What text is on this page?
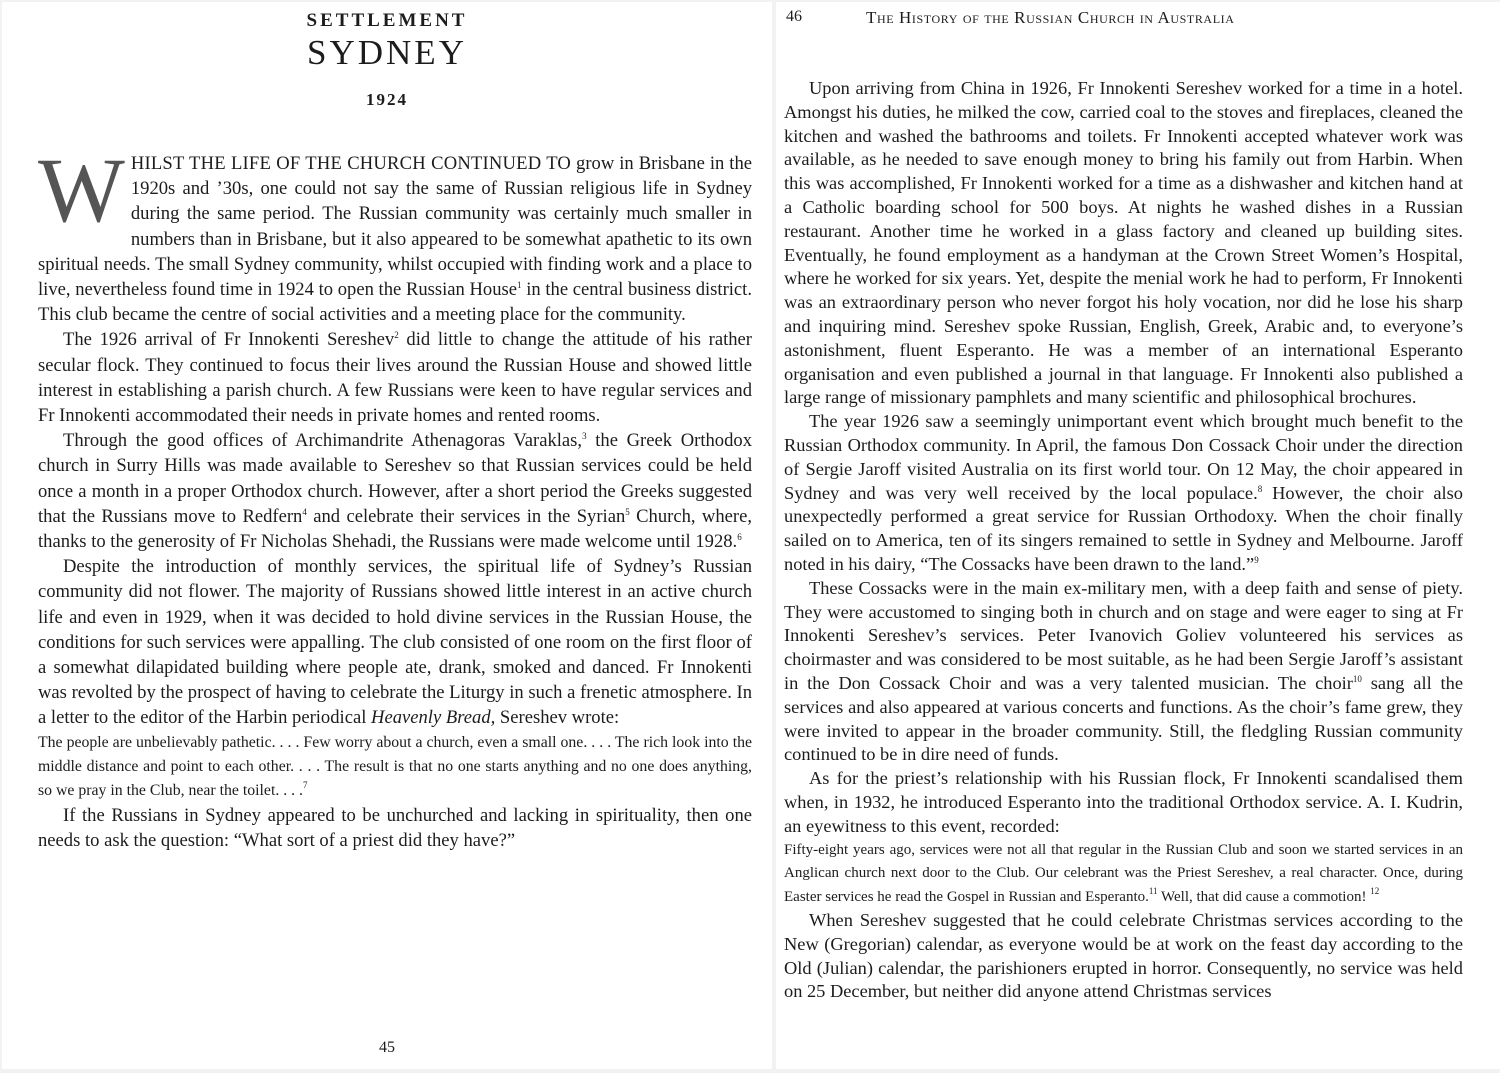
SETTLEMENT
SYDNEY
1924

WHILST THE LIFE OF THE CHURCH CONTINUED TO grow in Brisbane in the 1920s and ’30s, one could not say the same of Russian religious life in Sydney during the same period. The Russian community was certainly much smaller in numbers than in Brisbane, but it also appeared to be somewhat apathetic to its own spiritual needs. The small Sydney community, whilst occupied with finding work and a place to live, nevertheless found time in 1924 to open the Russian House$^1$ in the central business district. This club became the centre of social activities and a meeting place for the community.

The 1926 arrival of Fr Innokenti Sereshev$^2$ did little to change the attitude of his rather secular flock. They continued to focus their lives around the Russian House and showed little interest in establishing a parish church. A few Russians were keen to have regular services and Fr Innokenti accommodated their needs in private homes and rented rooms.

Through the good offices of Archimandrite Athenagoras Varaklas,$^3$ the Greek Orthodox church in Surry Hills was made available to Sereshev so that Russian services could be held once a month in a proper Orthodox church. However, after a short period the Greeks suggested that the Russians move to Redfern$^4$ and celebrate their services in the Syrian$^5$ Church, where, thanks to the generosity of Fr Nicholas Shehadi, the Russians were made welcome until 1928.$^6$

Despite the introduction of monthly services, the spiritual life of Sydney’s Russian community did not flower. The majority of Russians showed little interest in an active church life and even in 1929, when it was decided to hold divine services in the Russian House, the conditions for such services were appalling. The club consisted of one room on the first floor of a somewhat dilapidated building where people ate, drank, smoked and danced. Fr Innokenti was revolted by the prospect of having to celebrate the Liturgy in such a frenetic atmosphere. In a letter to the editor of the Harbin periodical Heavenly Bread, Sereshev wrote:

The people are unbelievably pathetic. . . . Few worry about a church, even a small one. . . . The rich look into the middle distance and point to each other. . . . The result is that no one starts anything and no one does anything, so we pray in the Club, near the toilet. . . .$^7$

If the Russians in Sydney appeared to be unchurched and lacking in spirituality, then one needs to ask the question: “What sort of a priest did they have?”

45
46	The History of the Russian Church in Australia

Upon arriving from China in 1926, Fr Innokenti Sereshev worked for a time in a hotel. Amongst his duties, he milked the cow, carried coal to the stoves and fireplaces, cleaned the kitchen and washed the bathrooms and toilets. Fr Innokenti accepted whatever work was available, as he needed to save enough money to bring his family out from Harbin. When this was accomplished, Fr Innokenti worked for a time as a dishwasher and kitchen hand at a Catholic boarding school for 500 boys. At nights he washed dishes in a Russian restaurant. Another time he worked in a glass factory and cleaned up building sites. Eventually, he found employment as a handyman at the Crown Street Women’s Hospital, where he worked for six years. Yet, despite the menial work he had to perform, Fr Innokenti was an extraordinary person who never forgot his holy vocation, nor did he lose his sharp and inquiring mind. Sereshev spoke Russian, English, Greek, Arabic and, to everyone’s astonishment, fluent Esperanto. He was a member of an international Esperanto organisation and even published a journal in that language. Fr Innokenti also published a large range of missionary pamphlets and many scientific and philosophical brochures.

The year 1926 saw a seemingly unimportant event which brought much benefit to the Russian Orthodox community. In April, the famous Don Cossack Choir under the direction of Sergie Jaroff visited Australia on its first world tour. On 12 May, the choir appeared in Sydney and was very well received by the local populace.$^8$ However, the choir also unexpectedly performed a great service for Russian Orthodoxy. When the choir finally sailed on to America, ten of its singers remained to settle in Sydney and Melbourne. Jaroff noted in his dairy, “The Cossacks have been drawn to the land.”$^9$

These Cossacks were in the main ex-military men, with a deep faith and sense of piety. They were accustomed to singing both in church and on stage and were eager to sing at Fr Innokenti Sereshev’s services. Peter Ivanovich Goliev volunteered his services as choirmaster and was considered to be most suitable, as he had been Sergie Jaroff’s assistant in the Don Cossack Choir and was a very talented musician. The choir$^{10}$ sang all the services and also appeared at various concerts and functions. As the choir’s fame grew, they were invited to appear in the broader community. Still, the fledgling Russian community continued to be in dire need of funds.

As for the priest’s relationship with his Russian flock, Fr Innokenti scandalised them when, in 1932, he introduced Esperanto into the traditional Orthodox service. A. I. Kudrin, an eyewitness to this event, recorded:

Fifty-eight years ago, services were not all that regular in the Russian Club and soon we started services in an Anglican church next door to the Club. Our celebrant was the Priest Sereshev, a real character. Once, during Easter services he read the Gospel in Russian and Esperanto.$^{11}$ Well, that did cause a commotion! $^{12}$

When Sereshev suggested that he could celebrate Christmas services according to the New (Gregorian) calendar, as everyone would be at work on the feast day according to the Old (Julian) calendar, the parishioners erupted in horror. Consequently, no service was held on 25 December, but neither did anyone attend Christmas services
